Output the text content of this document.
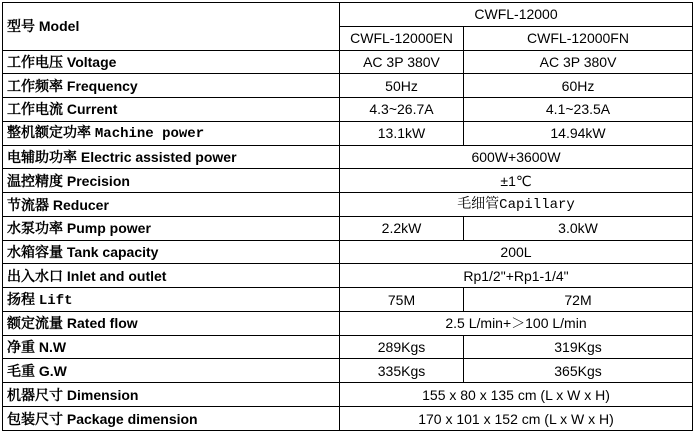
型号 Model	CWFL-12000	
	CWFL-12000EN	CWFL-12000FN
工作电压 Voltage	AC 3P 380V	AC 3P 380V
工作频率 Frequency	50Hz	60Hz
工作电流 Current	4.3~26.7A	4.1~23.5A
整机额定功率 Machine power	13.1kW	14.94kW
电辅助功率 Electric assisted power	600W+3600W	
温控精度 Precision	±1℃	
节流器 Reducer	毛细管Capillary	
水泵功率 Pump power	2.2kW	3.0kW
水箱容量 Tank capacity	200L	
出入水口 Inlet and outlet	Rp1/2"+Rp1-1/4"	
扬程 Lift	75M	72M
额定流量 Rated flow	2.5 L/min+＞100 L/min	
净重 N.W	289Kgs	319Kgs
毛重 G.W	335Kgs	365Kgs
机器尺寸 Dimension	155 x 80 x 135 cm (L x W x H)	
包装尺寸 Package dimension	170 x 101 x 152 cm (L x W x H)	
